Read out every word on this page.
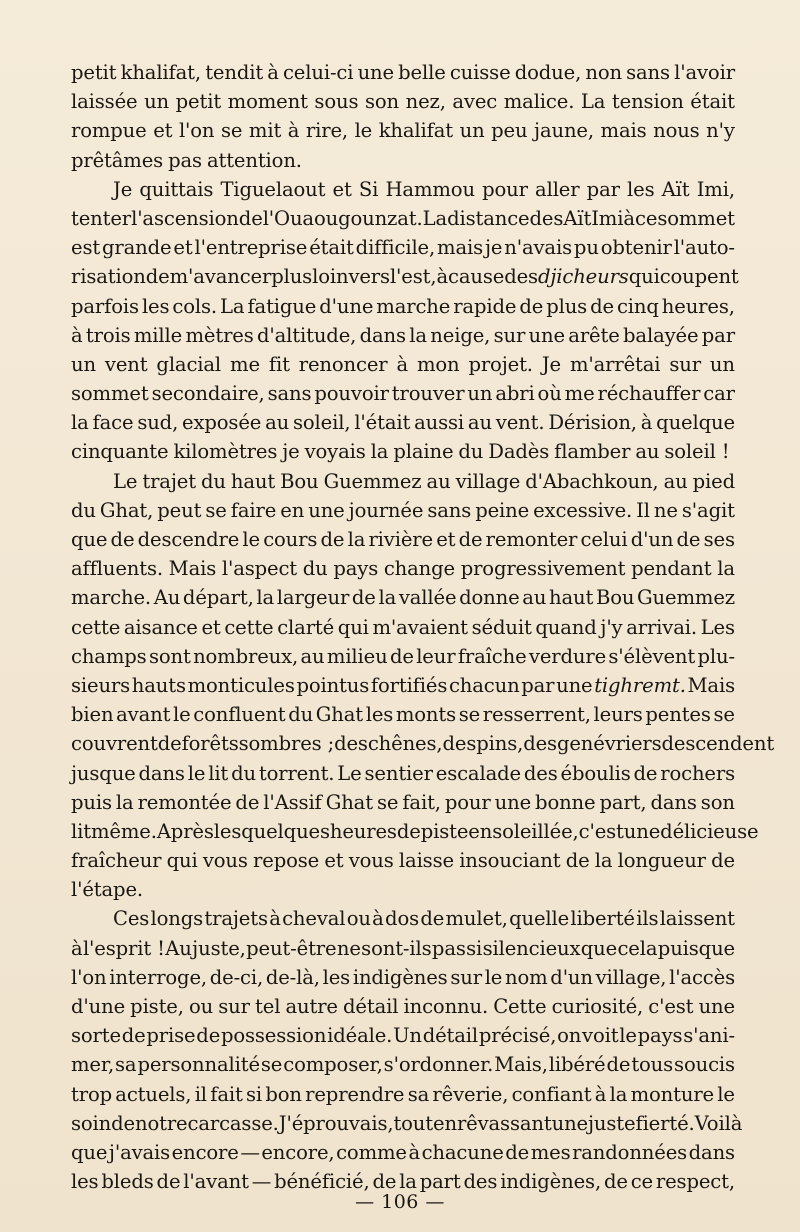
petit khalifat, tendit à celui-ci une belle cuisse dodue, non sans l'avoir
laissée un petit moment sous son nez, avec malice. La tension était
rompue et l'on se mit à rire, le khalifat un peu jaune, mais nous n'y
prêtâmes pas attention.
Je quittais Tiguelaout et Si Hammou pour aller par les Aït Imi,
tenter l'ascension de l'Ouaougounzat. La distance des Aït Imi à ce sommet
est grande et l'entreprise était difficile, mais je n'avais pu obtenir l'auto-
risation de m'avancer plus loin vers l'est, à cause des djicheurs qui coupent
parfois les cols. La fatigue d'une marche rapide de plus de cinq heures,
à trois mille mètres d'altitude, dans la neige, sur une arête balayée par
un vent glacial me fit renoncer à mon projet. Je m'arrêtai sur un
sommet secondaire, sans pouvoir trouver un abri où me réchauffer car
la face sud, exposée au soleil, l'était aussi au vent. Dérision, à quelque
cinquante kilomètres je voyais la plaine du Dadès flamber au soleil !
Le trajet du haut Bou Guemmez au village d'Abachkoun, au pied
du Ghat, peut se faire en une journée sans peine excessive. Il ne s'agit
que de descendre le cours de la rivière et de remonter celui d'un de ses
affluents. Mais l'aspect du pays change progressivement pendant la
marche. Au départ, la largeur de la vallée donne au haut Bou Guemmez
cette aisance et cette clarté qui m'avaient séduit quand j'y arrivai. Les
champs sont nombreux, au milieu de leur fraîche verdure s'élèvent plu-
sieurs hauts monticules pointus fortifiés chacun par une tighremt. Mais
bien avant le confluent du Ghat les monts se resserrent, leurs pentes se
couvrent de forêts sombres ; des chênes, des pins, des genévriers descendent
jusque dans le lit du torrent. Le sentier escalade des éboulis de rochers
puis la remontée de l'Assif Ghat se fait, pour une bonne part, dans son
lit même. Après les quelques heures de piste ensoleillée, c'est une délicieuse
fraîcheur qui vous repose et vous laisse insouciant de la longueur de
l'étape.
Ces longs trajets à cheval ou à dos de mulet, quelle liberté ils laissent
à l'esprit ! Au juste, peut-être ne sont-ils pas si silencieux que cela puisque
l'on interroge, de-ci, de-là, les indigènes sur le nom d'un village, l'accès
d'une piste, ou sur tel autre détail inconnu. Cette curiosité, c'est une
sorte de prise de possession idéale. Un détail précisé, on voit le pays s'ani-
mer, sa personnalité se composer, s'ordonner. Mais, libéré de tous soucis
trop actuels, il fait si bon reprendre sa rêverie, confiant à la monture le
soin de notre carcasse. J'éprouvais, tout en rêvassant une juste fierté. Voilà
que j'avais encore — encore, comme à chacune de mes randonnées dans
les bleds de l'avant — bénéficié, de la part des indigènes, de ce respect,
— 106 —
